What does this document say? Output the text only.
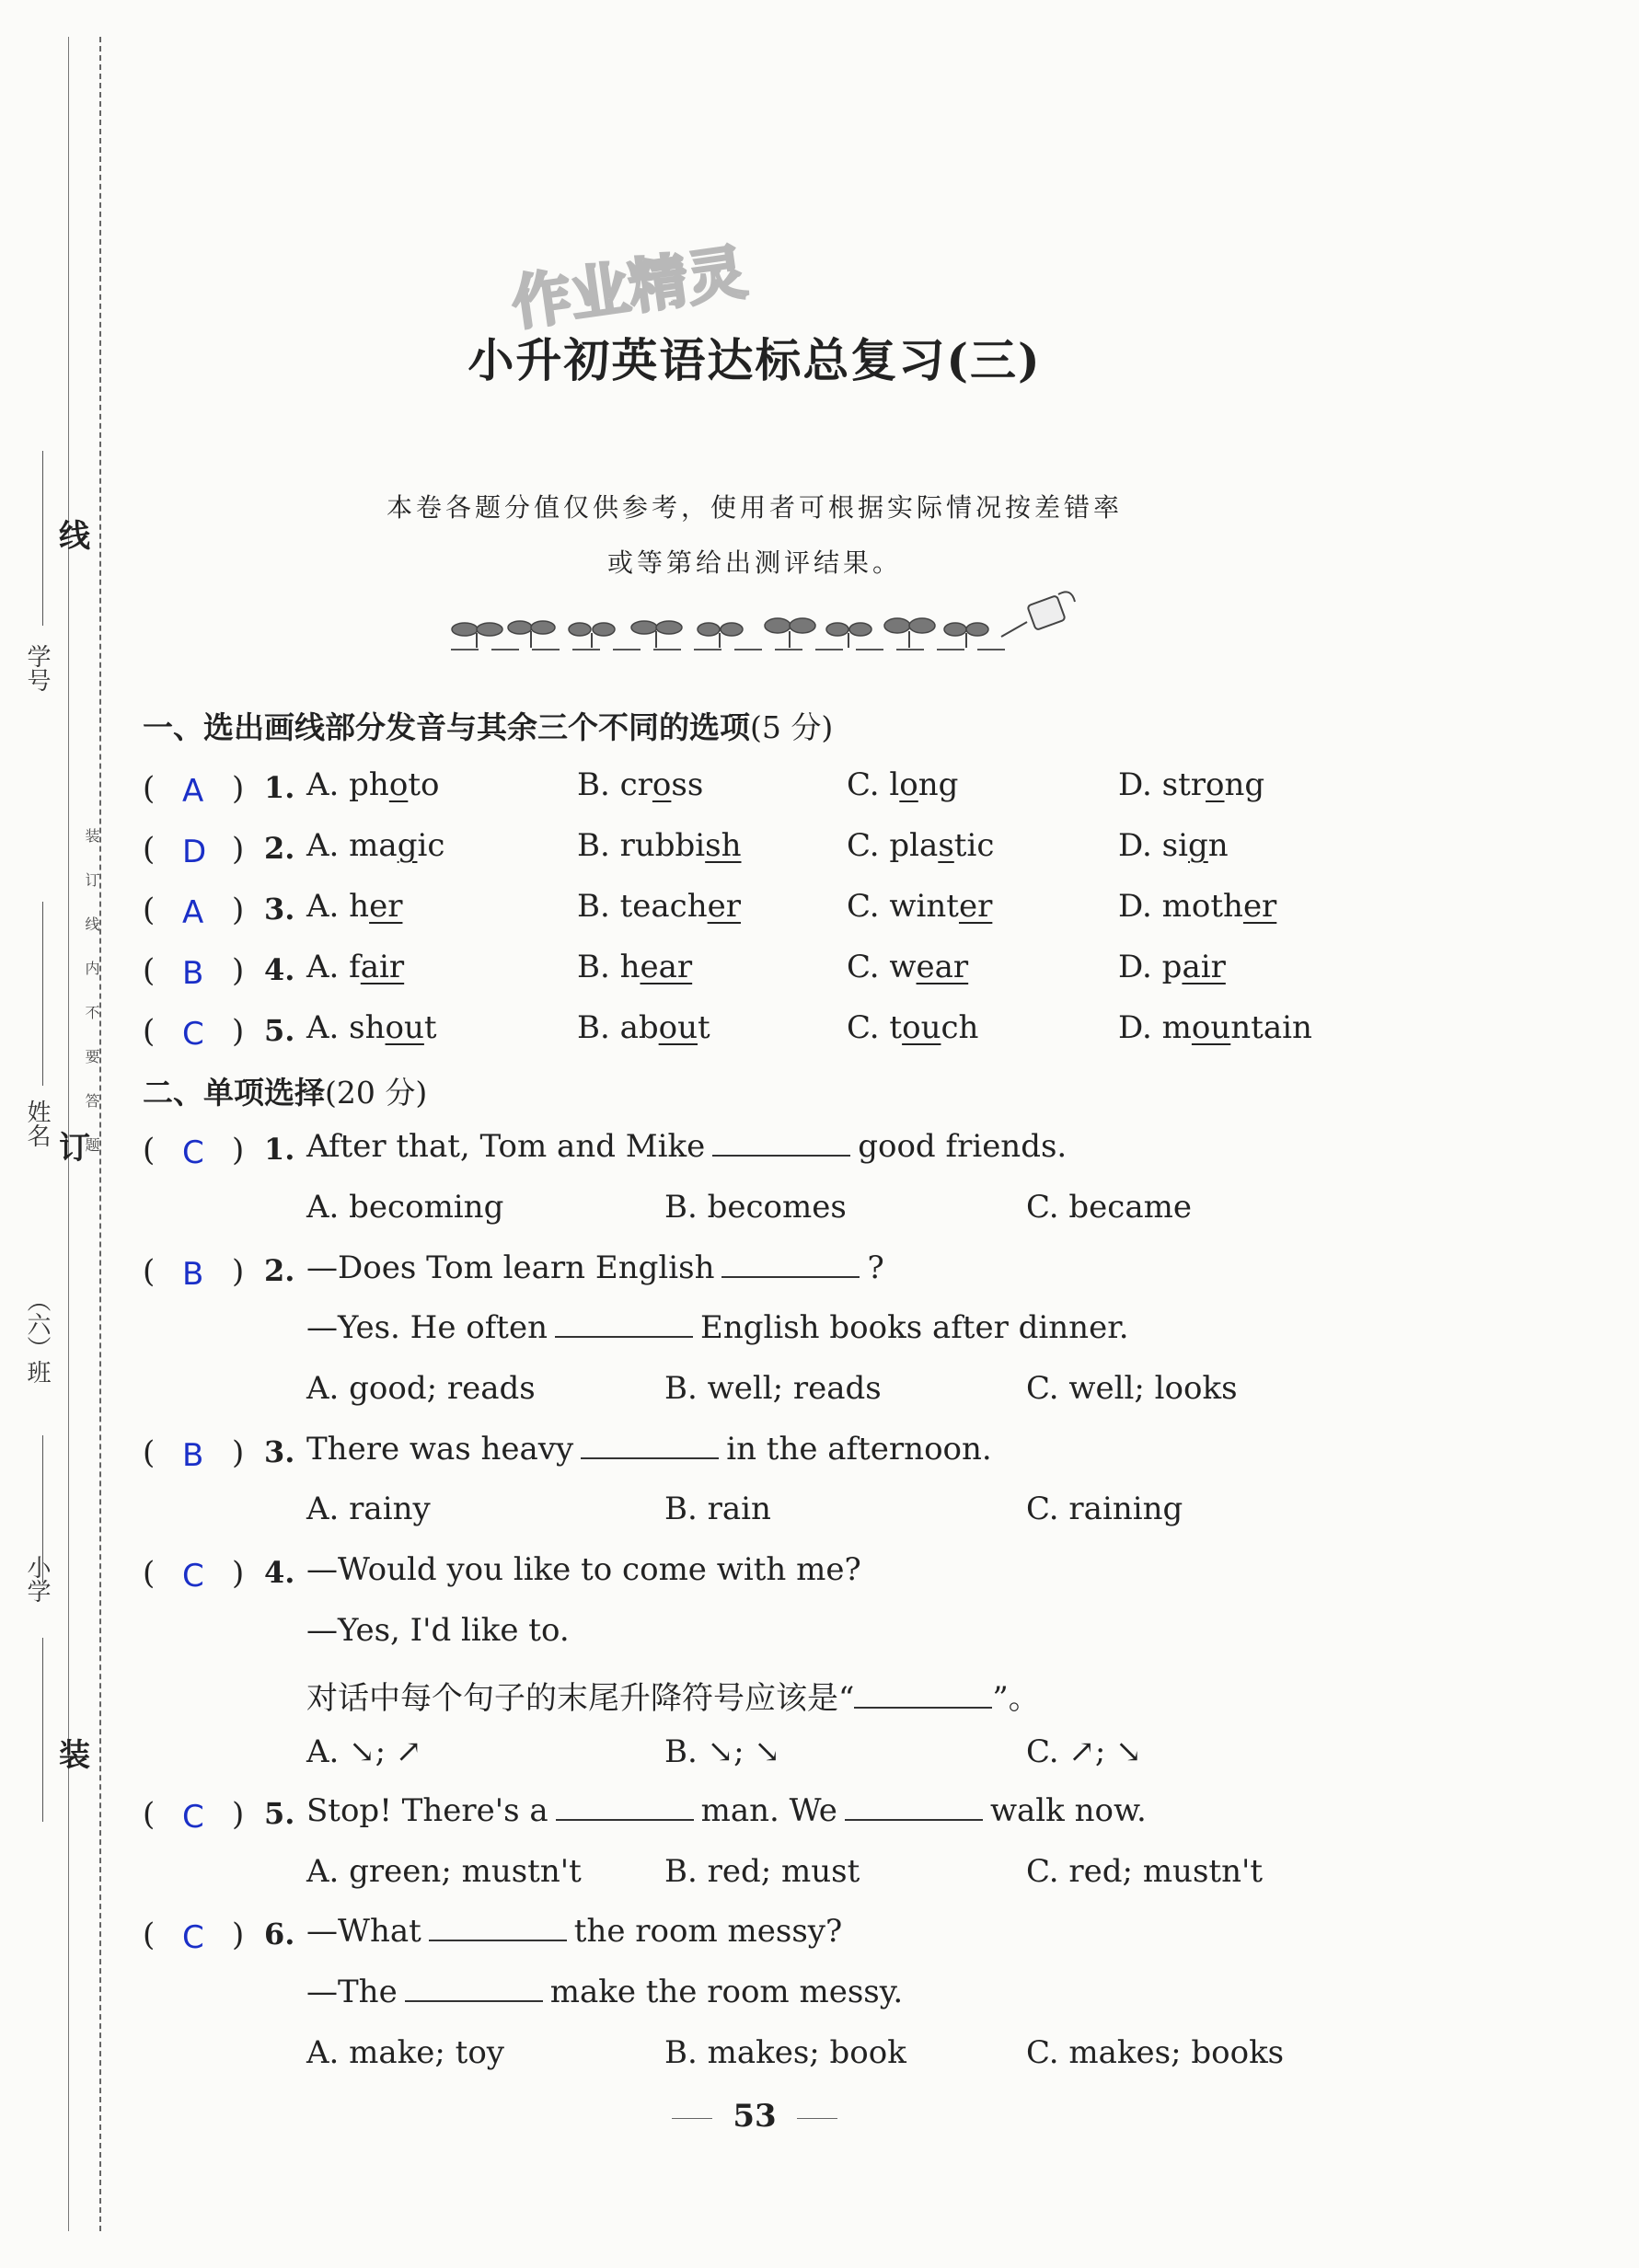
学号
线
姓名
订
（六）班
小学
装
装订线内不要答题
作业精灵
小升初英语达标总复习(三)
本卷各题分值仅供参考，使用者可根据实际情况按差错率
或等第给出测评结果。
一、选出画线部分发音与其余三个不同的选项(5 分)
( A ) 1. A. photo	B. cross	C. long	D. strong
( D ) 2. A. magic	B. rubbish	C. plastic	D. sign
( A ) 3. A. her	B. teacher	C. winter	D. mother
( B ) 4. A. fair	B. hear	C. wear	D. pair
( C ) 5. A. shout	B. about	C. touch	D. mountain
二、单项选择(20 分)
( C ) 1. After that, Tom and Mike	good friends.
A. becoming	B. becomes	C. became
( B ) 2. —Does Tom learn English	?
—Yes. He often	English books after dinner.
A. good; reads	B. well; reads	C. well; looks
( B ) 3. There was heavy	in the afternoon.
A. rainy	B. rain	C. raining
( C ) 4. —Would you like to come with me?
—Yes, I'd like to.
对话中每个句子的末尾升降符号应该是“	”。
A. ↘; ↗	B. ↘; ↘	C. ↗; ↘
( C ) 5. Stop! There's a	man. We	walk now.
A. green; mustn't	B. red; must	C. red; mustn't
( C ) 6. —What	the room messy?
—The	make the room messy.
A. make; toy	B. makes; book	C. makes; books
53
